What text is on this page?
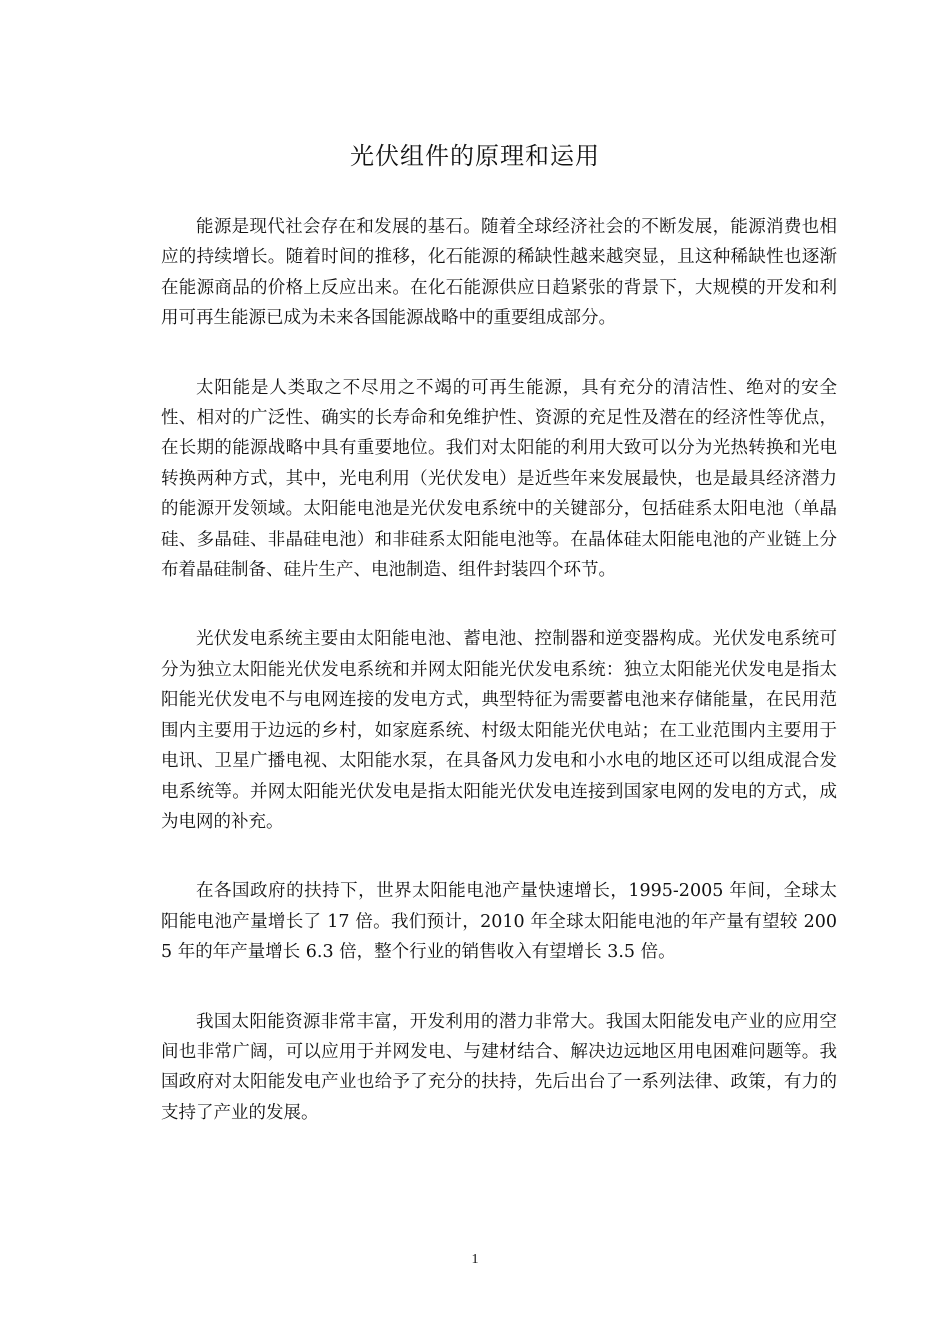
光伏组件的原理和运用

能源是现代社会存在和发展的基石。随着全球经济社会的不断发展，能源消费也相应的持续增长。随着时间的推移，化石能源的稀缺性越来越突显，且这种稀缺性也逐渐在能源商品的价格上反应出来。在化石能源供应日趋紧张的背景下，大规模的开发和利用可再生能源已成为未来各国能源战略中的重要组成部分。

太阳能是人类取之不尽用之不竭的可再生能源，具有充分的清洁性、绝对的安全性、相对的广泛性、确实的长寿命和免维护性、资源的充足性及潜在的经济性等优点，在长期的能源战略中具有重要地位。我们对太阳能的利用大致可以分为光热转换和光电转换两种方式，其中，光电利用（光伏发电）是近些年来发展最快，也是最具经济潜力的能源开发领域。太阳能电池是光伏发电系统中的关键部分，包括硅系太阳电池（单晶硅、多晶硅、非晶硅电池）和非硅系太阳能电池等。在晶体硅太阳能电池的产业链上分布着晶硅制备、硅片生产、电池制造、组件封装四个环节。

光伏发电系统主要由太阳能电池、蓄电池、控制器和逆变器构成。光伏发电系统可分为独立太阳能光伏发电系统和并网太阳能光伏发电系统：独立太阳能光伏发电是指太阳能光伏发电不与电网连接的发电方式，典型特征为需要蓄电池来存储能量，在民用范围内主要用于边远的乡村，如家庭系统、村级太阳能光伏电站；在工业范围内主要用于电讯、卫星广播电视、太阳能水泵，在具备风力发电和小水电的地区还可以组成混合发电系统等。并网太阳能光伏发电是指太阳能光伏发电连接到国家电网的发电的方式，成为电网的补充。

在各国政府的扶持下，世界太阳能电池产量快速增长，1995-2005 年间，全球太阳能电池产量增长了 17 倍。我们预计，2010 年全球太阳能电池的年产量有望较 2005 年的年产量增长 6.3 倍，整个行业的销售收入有望增长 3.5 倍。

我国太阳能资源非常丰富，开发利用的潜力非常大。我国太阳能发电产业的应用空间也非常广阔，可以应用于并网发电、与建材结合、解决边远地区用电困难问题等。我国政府对太阳能发电产业也给予了充分的扶持，先后出台了一系列法律、政策，有力的支持了产业的发展。

1
